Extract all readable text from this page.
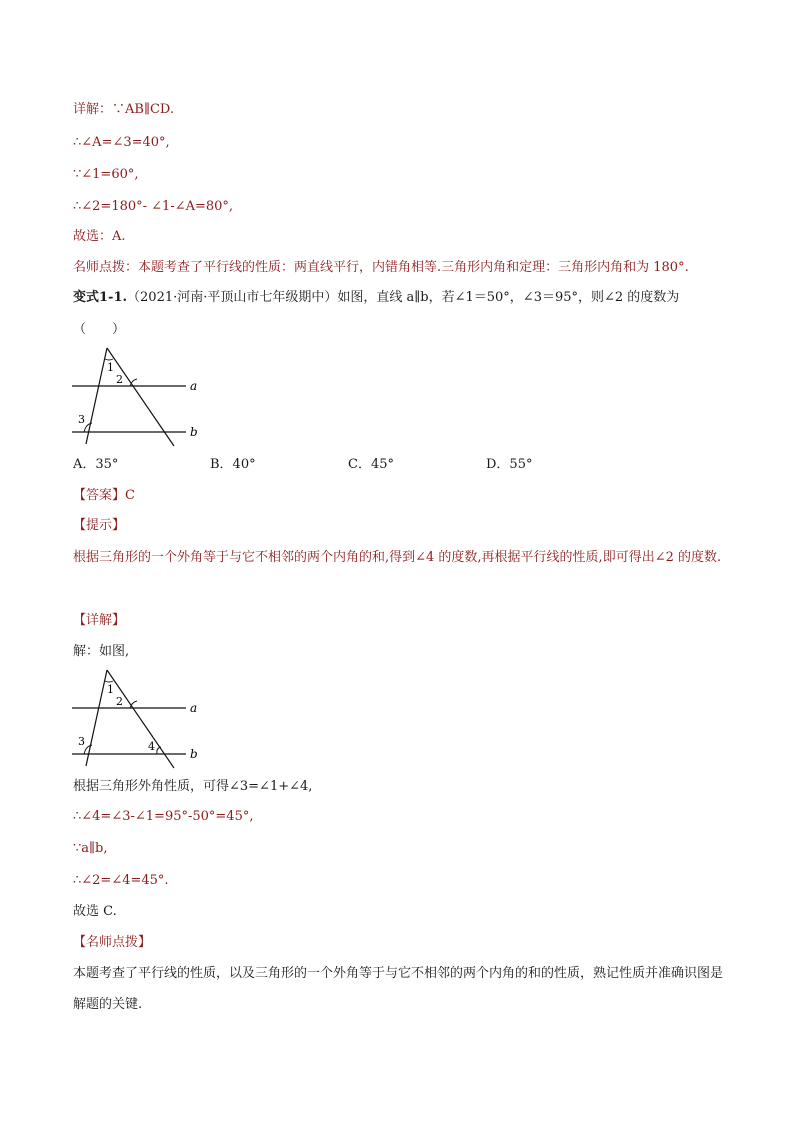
详解：∵AB∥CD.
∴∠A=∠3=40°,
∵∠1=60°,
∴∠2=180°- ∠1-∠A=80°,
故选：A.
名师点拨：本题考查了平行线的性质：两直线平行，内错角相等.三角形内角和定理：三角形内角和为 180°.
变式1-1.（2021·河南·平顶山市七年级期中）如图，直线 a∥b，若∠1＝50°，∠3＝95°，则∠2 的度数为
（　　）
1
2
3
a
b
A．35°	B．40°	C．45°	D．55°
【答案】C
【提示】
根据三角形的一个外角等于与它不相邻的两个内角的和,得到∠4 的度数,再根据平行线的性质,即可得出∠2 的度数.
【详解】
解：如图,
1
2
3	4
a
b
根据三角形外角性质，可得∠3=∠1+∠4,
∴∠4=∠3-∠1=95°-50°=45°,
∵a∥b,
∴∠2=∠4=45°.
故选 C.
【名师点拨】
本题考查了平行线的性质，以及三角形的一个外角等于与它不相邻的两个内角的和的性质，熟记性质并准确识图是解题的关键.
